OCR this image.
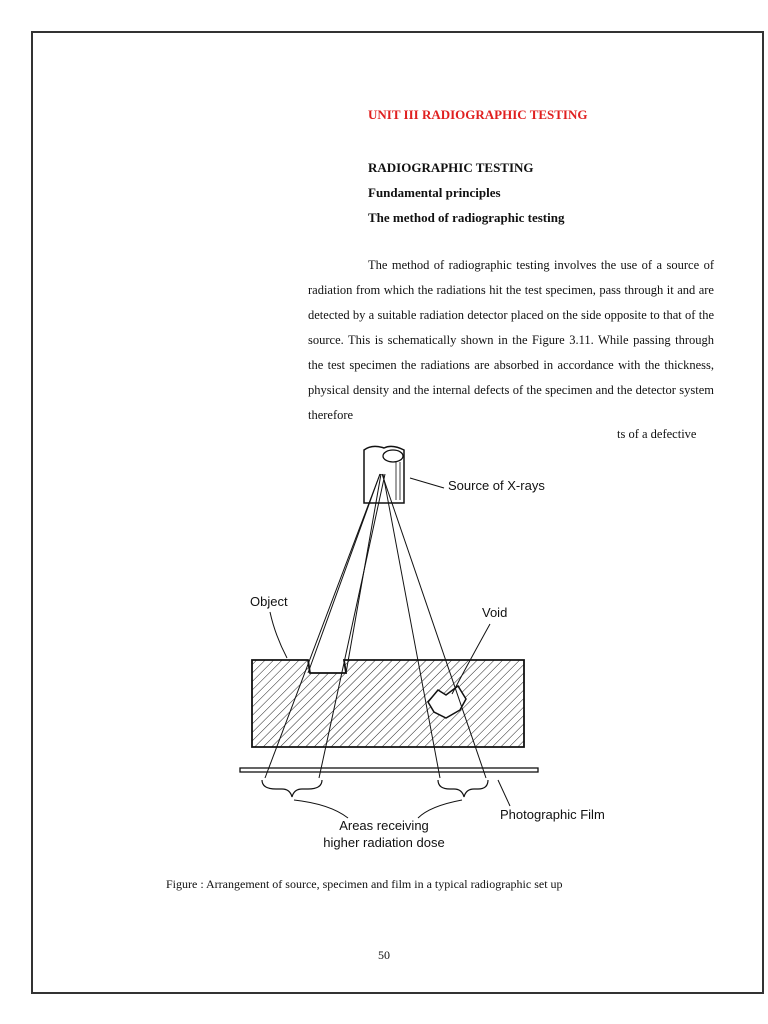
UNIT III RADIOGRAPHIC TESTING
RADIOGRAPHIC TESTING
Fundamental principles
The method of radiographic testing
The method of radiographic testing involves the use of a source of radiation from which the radiations hit the test specimen, pass through it and are detected by a suitable radiation detector placed on the side opposite to that of the source. This is schematically shown in the Figure 3.11. While passing through the test specimen the radiations are absorbed in accordance with the thickness, physical density and the internal defects of the specimen and the detector system therefore
ts of a defective
Source of X-rays
Object
Void
Areas receiving
higher radiation dose
Photographic Film
Figure : Arrangement of source, specimen and film in a typical radiographic set up
50
